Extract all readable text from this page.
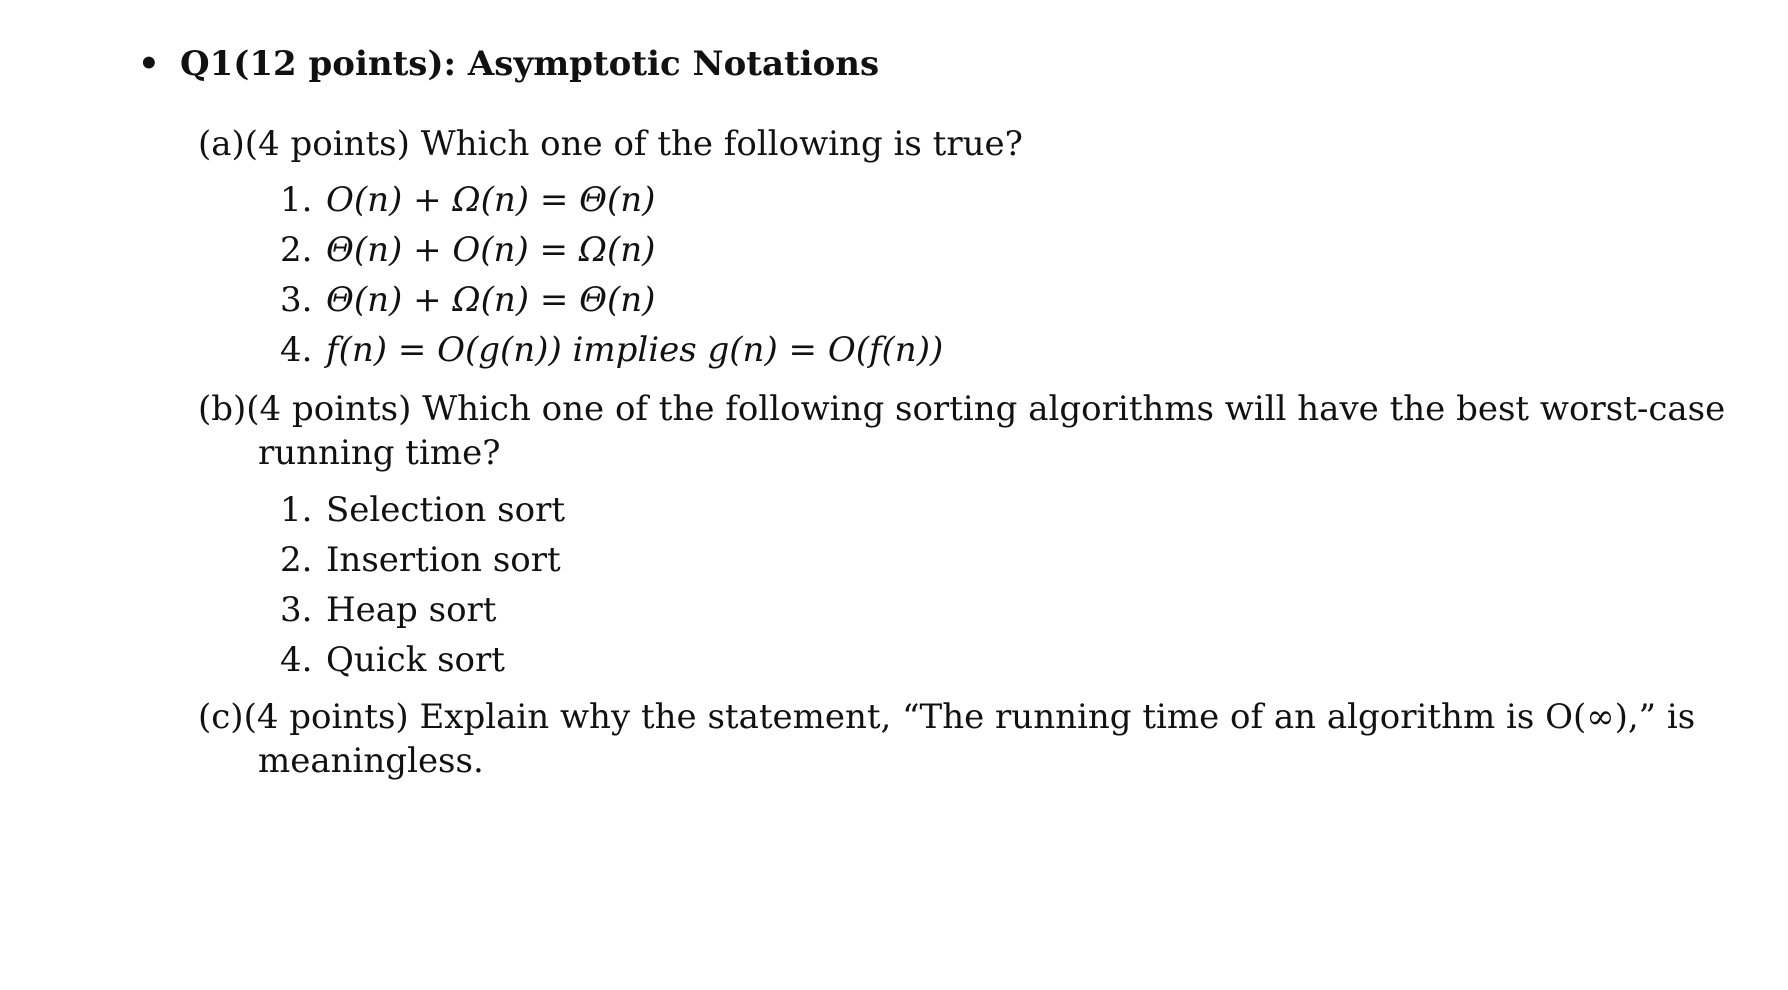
• Q1(12 points): Asymptotic Notations
(a)(4 points) Which one of the following is true?
1. O(n) + Ω(n) = Θ(n)
2. Θ(n) + O(n) = Ω(n)
3. Θ(n) + Ω(n) = Θ(n)
4. f(n) = O(g(n)) implies g(n) = O(f(n))
(b)(4 points) Which one of the following sorting algorithms will have the best worst-case
running time?
1. Selection sort
2. Insertion sort
3. Heap sort
4. Quick sort
(c)(4 points) Explain why the statement, “The running time of an algorithm is O(∞),” is
meaningless.
